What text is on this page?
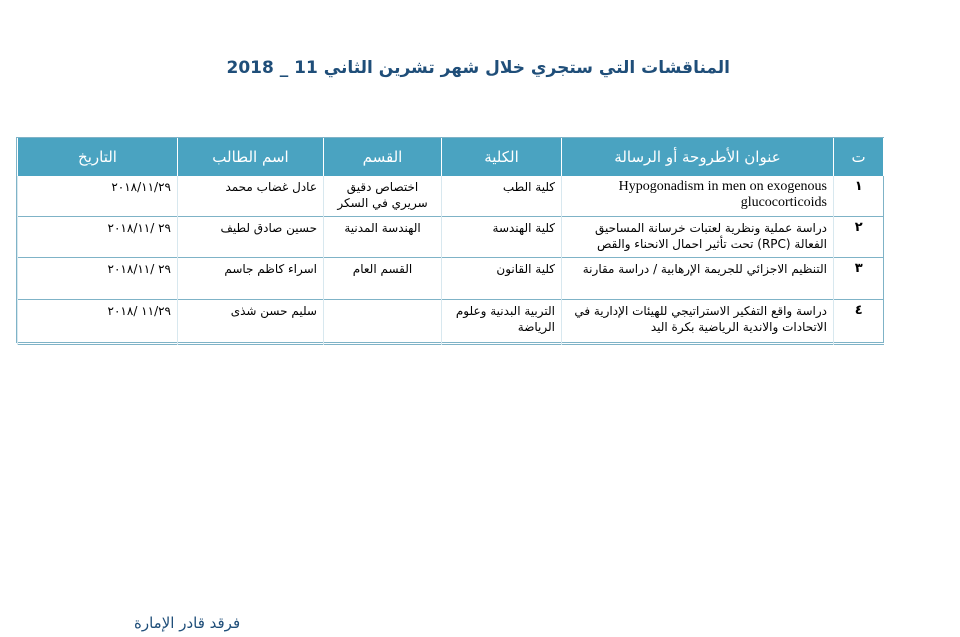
المناقشات التي ستجري خلال شهر تشرين الثاني 11 _ 2018
ت	عنوان الأطروحة أو الرسالة	الكلية	القسم	اسم الطالب	التاريخ
١	Hypogonadism in men on exogenous glucocorticoids	كلية الطب	اختصاص دقيق سريري في السكر	عادل غضاب محمد	٢٠١٨/١١/٢٩
٢	دراسة عملية ونظرية لعتبات خرسانة المساحيق الفعالة (RPC) تحت تأثير احمال الانحناء والقص	كلية الهندسة	الهندسة المدنية	حسين صادق لطيف	٢٩ /٢٠١٨/١١
٣	التنظيم الاجزائي للجريمة الإرهابية / دراسة مقارنة	كلية القانون	القسم العام	اسراء كاظم جاسم	٢٩ /٢٠١٨/١١
٤	دراسة واقع التفكير الاستراتيجي للهيئات الإدارية في الاتحادات والاندية الرياضية بكرة اليد	التربية البدنية وعلوم الرياضة		سليم حسن شذى	١١/٢٩ /٢٠١٨
فرقد قادر الإمارة
